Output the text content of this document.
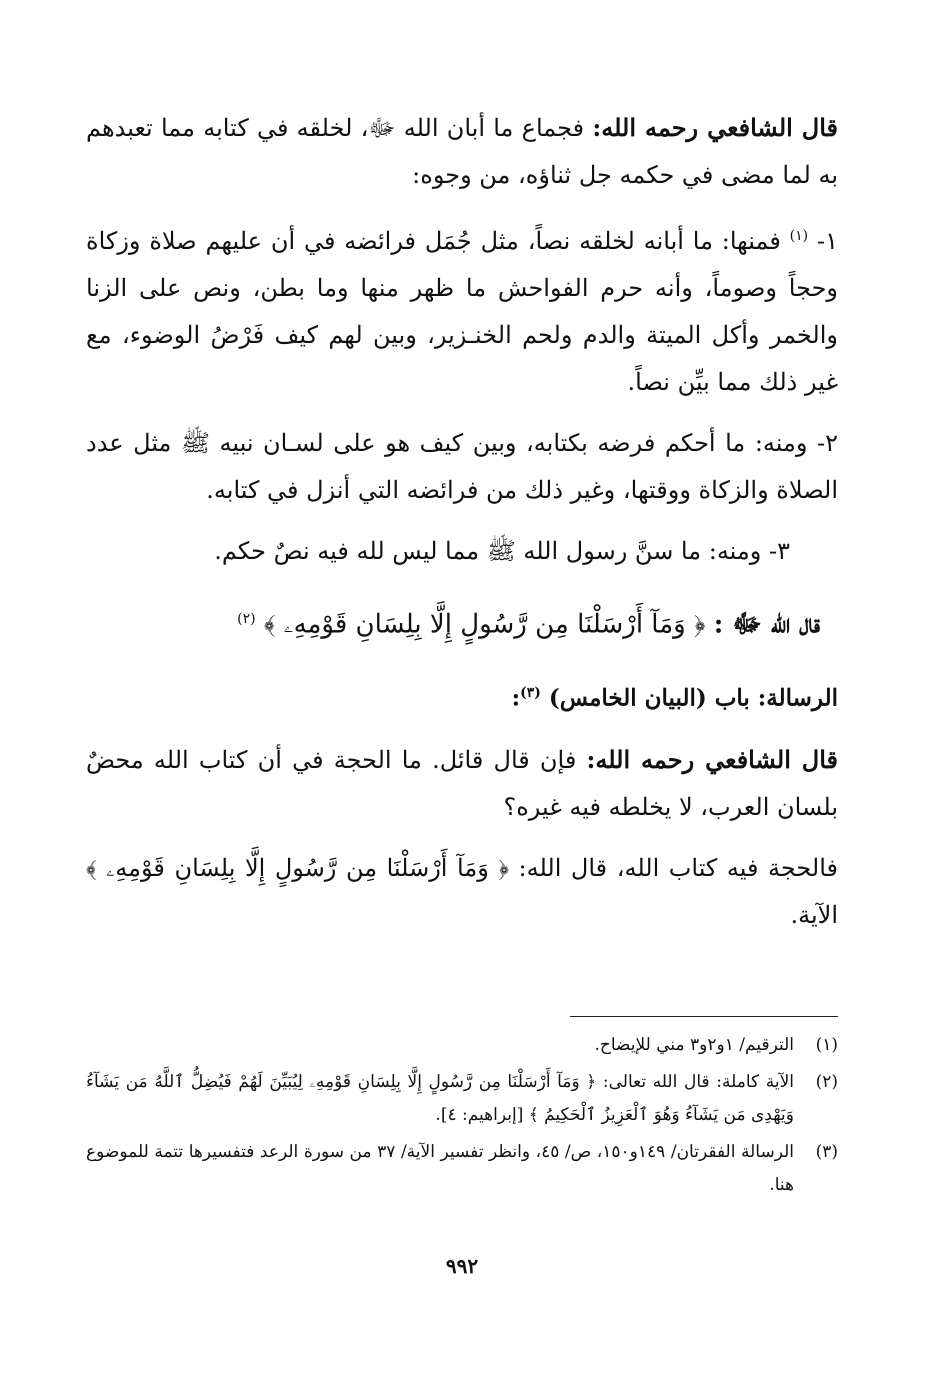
قال الشافعي رحمه الله: فجماع ما أبان الله ﷻ، لخلقه في كتابه مما تعبدهم به لما مضى في حكمه جل ثناؤه، من وجوه:

١- $^{(١)}$ فمنها: ما أبانه لخلقه نصاً، مثل جُمَل فرائضه في أن عليهم صلاة وزكاة وحجاً وصوماً، وأنه حرم الفواحش ما ظهر منها وما بطن، ونص على الزنا والخمر وأكل الميتة والدم ولحم الخنـزير، وبين لهم كيف فَرْضُ الوضوء، مع غير ذلك مما بيِّن نصاً.

٢- ومنه: ما أحكم فرضه بكتابه، وبين كيف هو على لسـان نبيه ﷺ مثل عدد الصلاة والزكاة ووقتها، وغير ذلك من فرائضه التي أنزل في كتابه.

٣- ومنه: ما سنَّ رسول الله ﷺ مما ليس لله فيه نصٌ حكم.

قال الله ﷻ : ﴿ وَمَآ أَرْسَلْنَا مِن رَّسُولٍ إِلَّا بِلِسَانِ قَوْمِهِۦ ﴾ $^{(٢)}$

الرسالة: باب (البيان الخامس) $^{(٣)}$:

قال الشافعي رحمه الله: فإن قال قائل. ما الحجة في أن كتاب الله محضٌ بلسان العرب، لا يخلطه فيه غيره؟

فالحجة فيه كتاب الله، قال الله: ﴿ وَمَآ أَرْسَلْنَا مِن رَّسُولٍ إِلَّا بِلِسَانِ قَوْمِهِۦ ﴾ الآية.

(١)
الترقيم/ ١و٢و٣ مني للإيضاح.
(٢)
الآية كاملة: قال الله تعالى: ﴿ وَمَآ أَرْسَلْنَا مِن رَّسُولٍ إِلَّا بِلِسَانِ قَوْمِهِۦ لِيُبَيِّنَ لَهُمْ فَيُضِلُّ ٱللَّهُ مَن يَشَآءُ وَيَهْدِى مَن يَشَآءُ وَهُوَ ٱلْعَزِيزُ ٱلْحَكِيمُ ﴾ [إبراهيم: ٤].
(٣)
الرسالة الفقرتان/ ١٤٩و١٥٠، ص/ ٤٥، وانظر تفسير الآية/ ٣٧ من سورة الرعد فتفسيرها تتمة للموضوع هنا.
٩٩٢
